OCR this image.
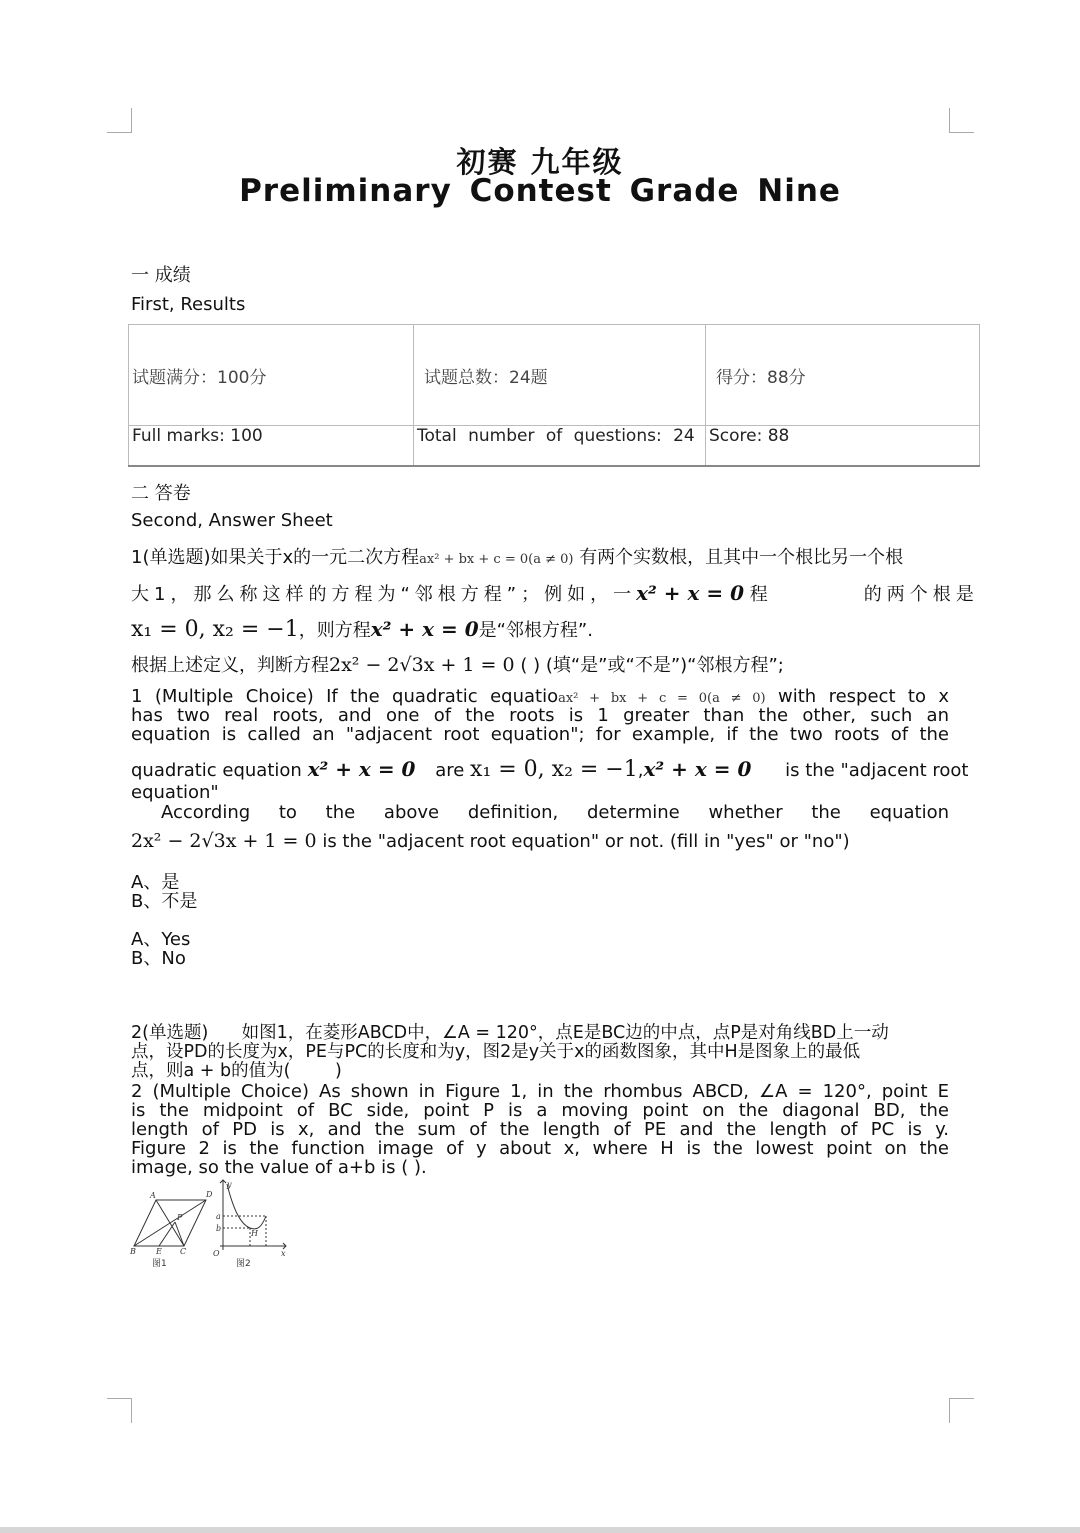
初赛 九年级
Preliminary Contest Grade Nine
一 成绩
First, Results
试题满分：100分	试题总数：24题	得分：88分
Full marks: 100	Total number of questions: 24	Score: 88
二 答卷
Second, Answer Sheet
1(单选题)如果关于x的一元二次方程ax² + bx + c = 0(a ≠ 0) 有两个实数根，且其中一个根比另一个根
大1，那么称这样的方程为“邻根方程”；例如，一x² + x = 0 程	的两个根是
x₁ = 0, x₂ = −1，则方程x² + x = 0是“邻根方程”.
根据上述定义，判断方程2x² − 2√3x + 1 = 0 ( ) (填“是”或“不是”)“邻根方程”;
1 (Multiple Choice) If the quadratic equatioax² + bx + c = 0(a ≠ 0) with respect to x
has two real roots, and one of the roots is 1 greater than the other, such an
equation is called an "adjacent root equation"; for example, if the two roots of the
quadratic equation x² + x = 0 are x₁ = 0, x₂ = −1,x² + x = 0 is the "adjacent root
equation"
According to the above definition, determine whether the equation
2x² − 2√3x + 1 = 0 is the "adjacent root equation" or not. (fill in "yes" or "no")
A、是
B、不是
A、Yes
B、No
2(单选题)      如图1，在菱形ABCD中，∠A = 120°，点E是BC边的中点，点P是对角线BD上一动
点，设PD的长度为x，PE与PC的长度和为y，图2是y关于x的函数图象，其中H是图象上的最低
点，则a + b的值为(        )
2 (Multiple Choice) As shown in Figure 1, in the rhombus ABCD, ∠A = 120°, point E
is the midpoint of BC side, point P is a moving point on the diagonal BD, the
length of PD is x, and the sum of the length of PE and the length of PC is y.
Figure 2 is the function image of y about x, where H is the lowest point on the
image, so the value of a+b is ( ).
B	E C
D
A
P
图1
y
x
O
a
b
H
图2
